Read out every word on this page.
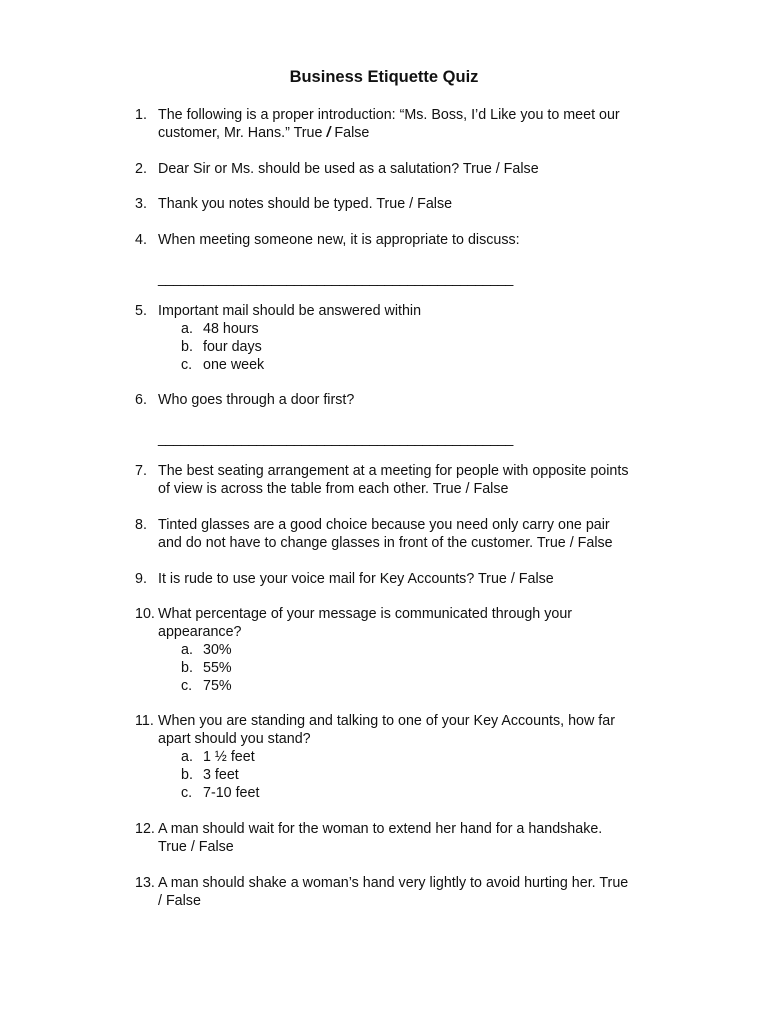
Business Etiquette Quiz
1. The following is a proper introduction: “Ms. Boss, I’d Like you to meet our customer, Mr. Hans.” True / False
2. Dear Sir or Ms. should be used as a salutation? True / False
3. Thank you notes should be typed. True / False
4. When meeting someone new, it is appropriate to discuss:
_______________________________________________
5. Important mail should be answered within
a. 48 hours
b. four days
c. one week
6. Who goes through a door first?
_______________________________________________
7. The best seating arrangement at a meeting for people with opposite points
of view is across the table from each other. True / False
8. Tinted glasses are a good choice because you need only carry one pair
and do not have to change glasses in front of the customer. True / False
9. It is rude to use your voice mail for Key Accounts? True / False
10. What percentage of your message is communicated through your
appearance?
a. 30%
b. 55%
c. 75%
11. When you are standing and talking to one of your Key Accounts, how far
apart should you stand?
a. 1 ½ feet
b. 3 feet
c. 7-10 feet
12. A man should wait for the woman to extend her hand for a handshake.
True / False
13. A man should shake a woman’s hand very lightly to avoid hurting her. True
/ False
